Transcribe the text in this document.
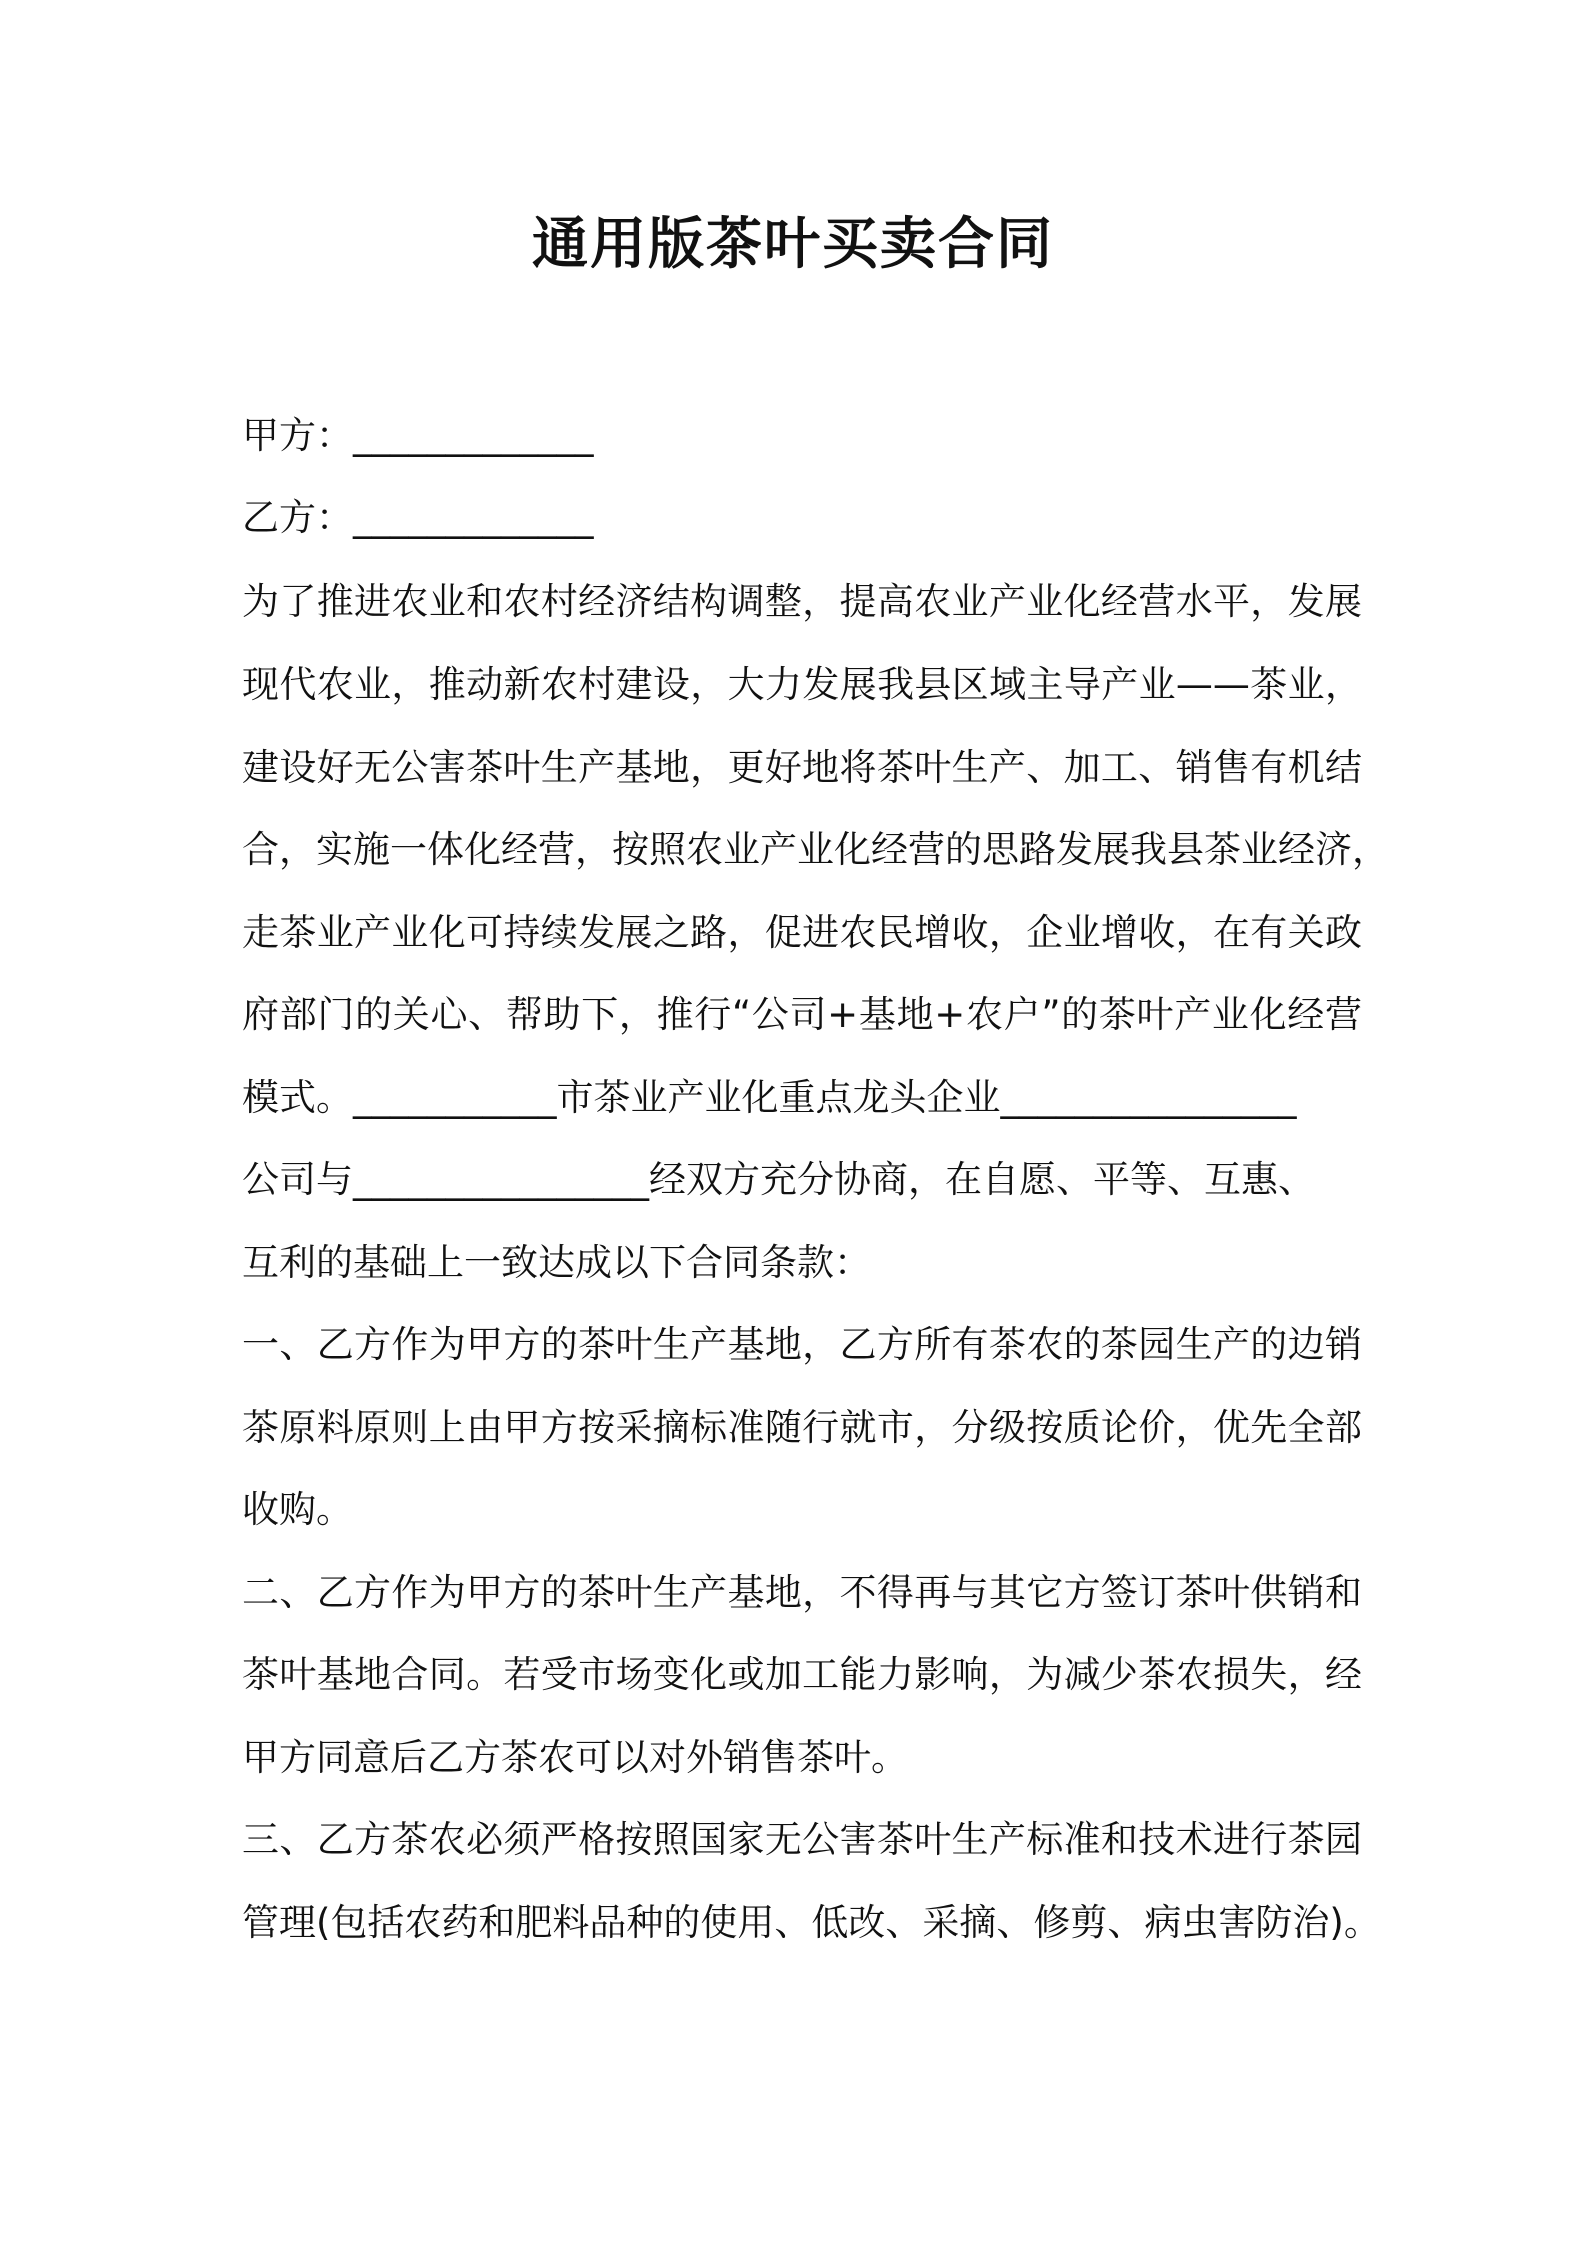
通用版茶叶买卖合同

甲方：_____________

乙方：_____________

为了推进农业和农村经济结构调整，提高农业产业化经营水平，发展

现代农业，推动新农村建设，大力发展我县区域主导产业——茶业，

建设好无公害茶叶生产基地，更好地将茶叶生产、加工、销售有机结

合，实施一体化经营，按照农业产业化经营的思路发展我县茶业经济，

走茶业产业化可持续发展之路，促进农民增收，企业增收，在有关政

府部门的关心、帮助下，推行“公司+基地+农户”的茶叶产业化经营

模式。___________市茶业产业化重点龙头企业________________

公司与________________经双方充分协商，在自愿、平等、互惠、

互利的基础上一致达成以下合同条款：

一、乙方作为甲方的茶叶生产基地，乙方所有茶农的茶园生产的边销

茶原料原则上由甲方按采摘标准随行就市，分级按质论价，优先全部

收购。

二、乙方作为甲方的茶叶生产基地，不得再与其它方签订茶叶供销和

茶叶基地合同。若受市场变化或加工能力影响，为减少茶农损失，经

甲方同意后乙方茶农可以对外销售茶叶。

三、乙方茶农必须严格按照国家无公害茶叶生产标准和技术进行茶园

管理(包括农药和肥料品种的使用、低改、采摘、修剪、病虫害防治)。
